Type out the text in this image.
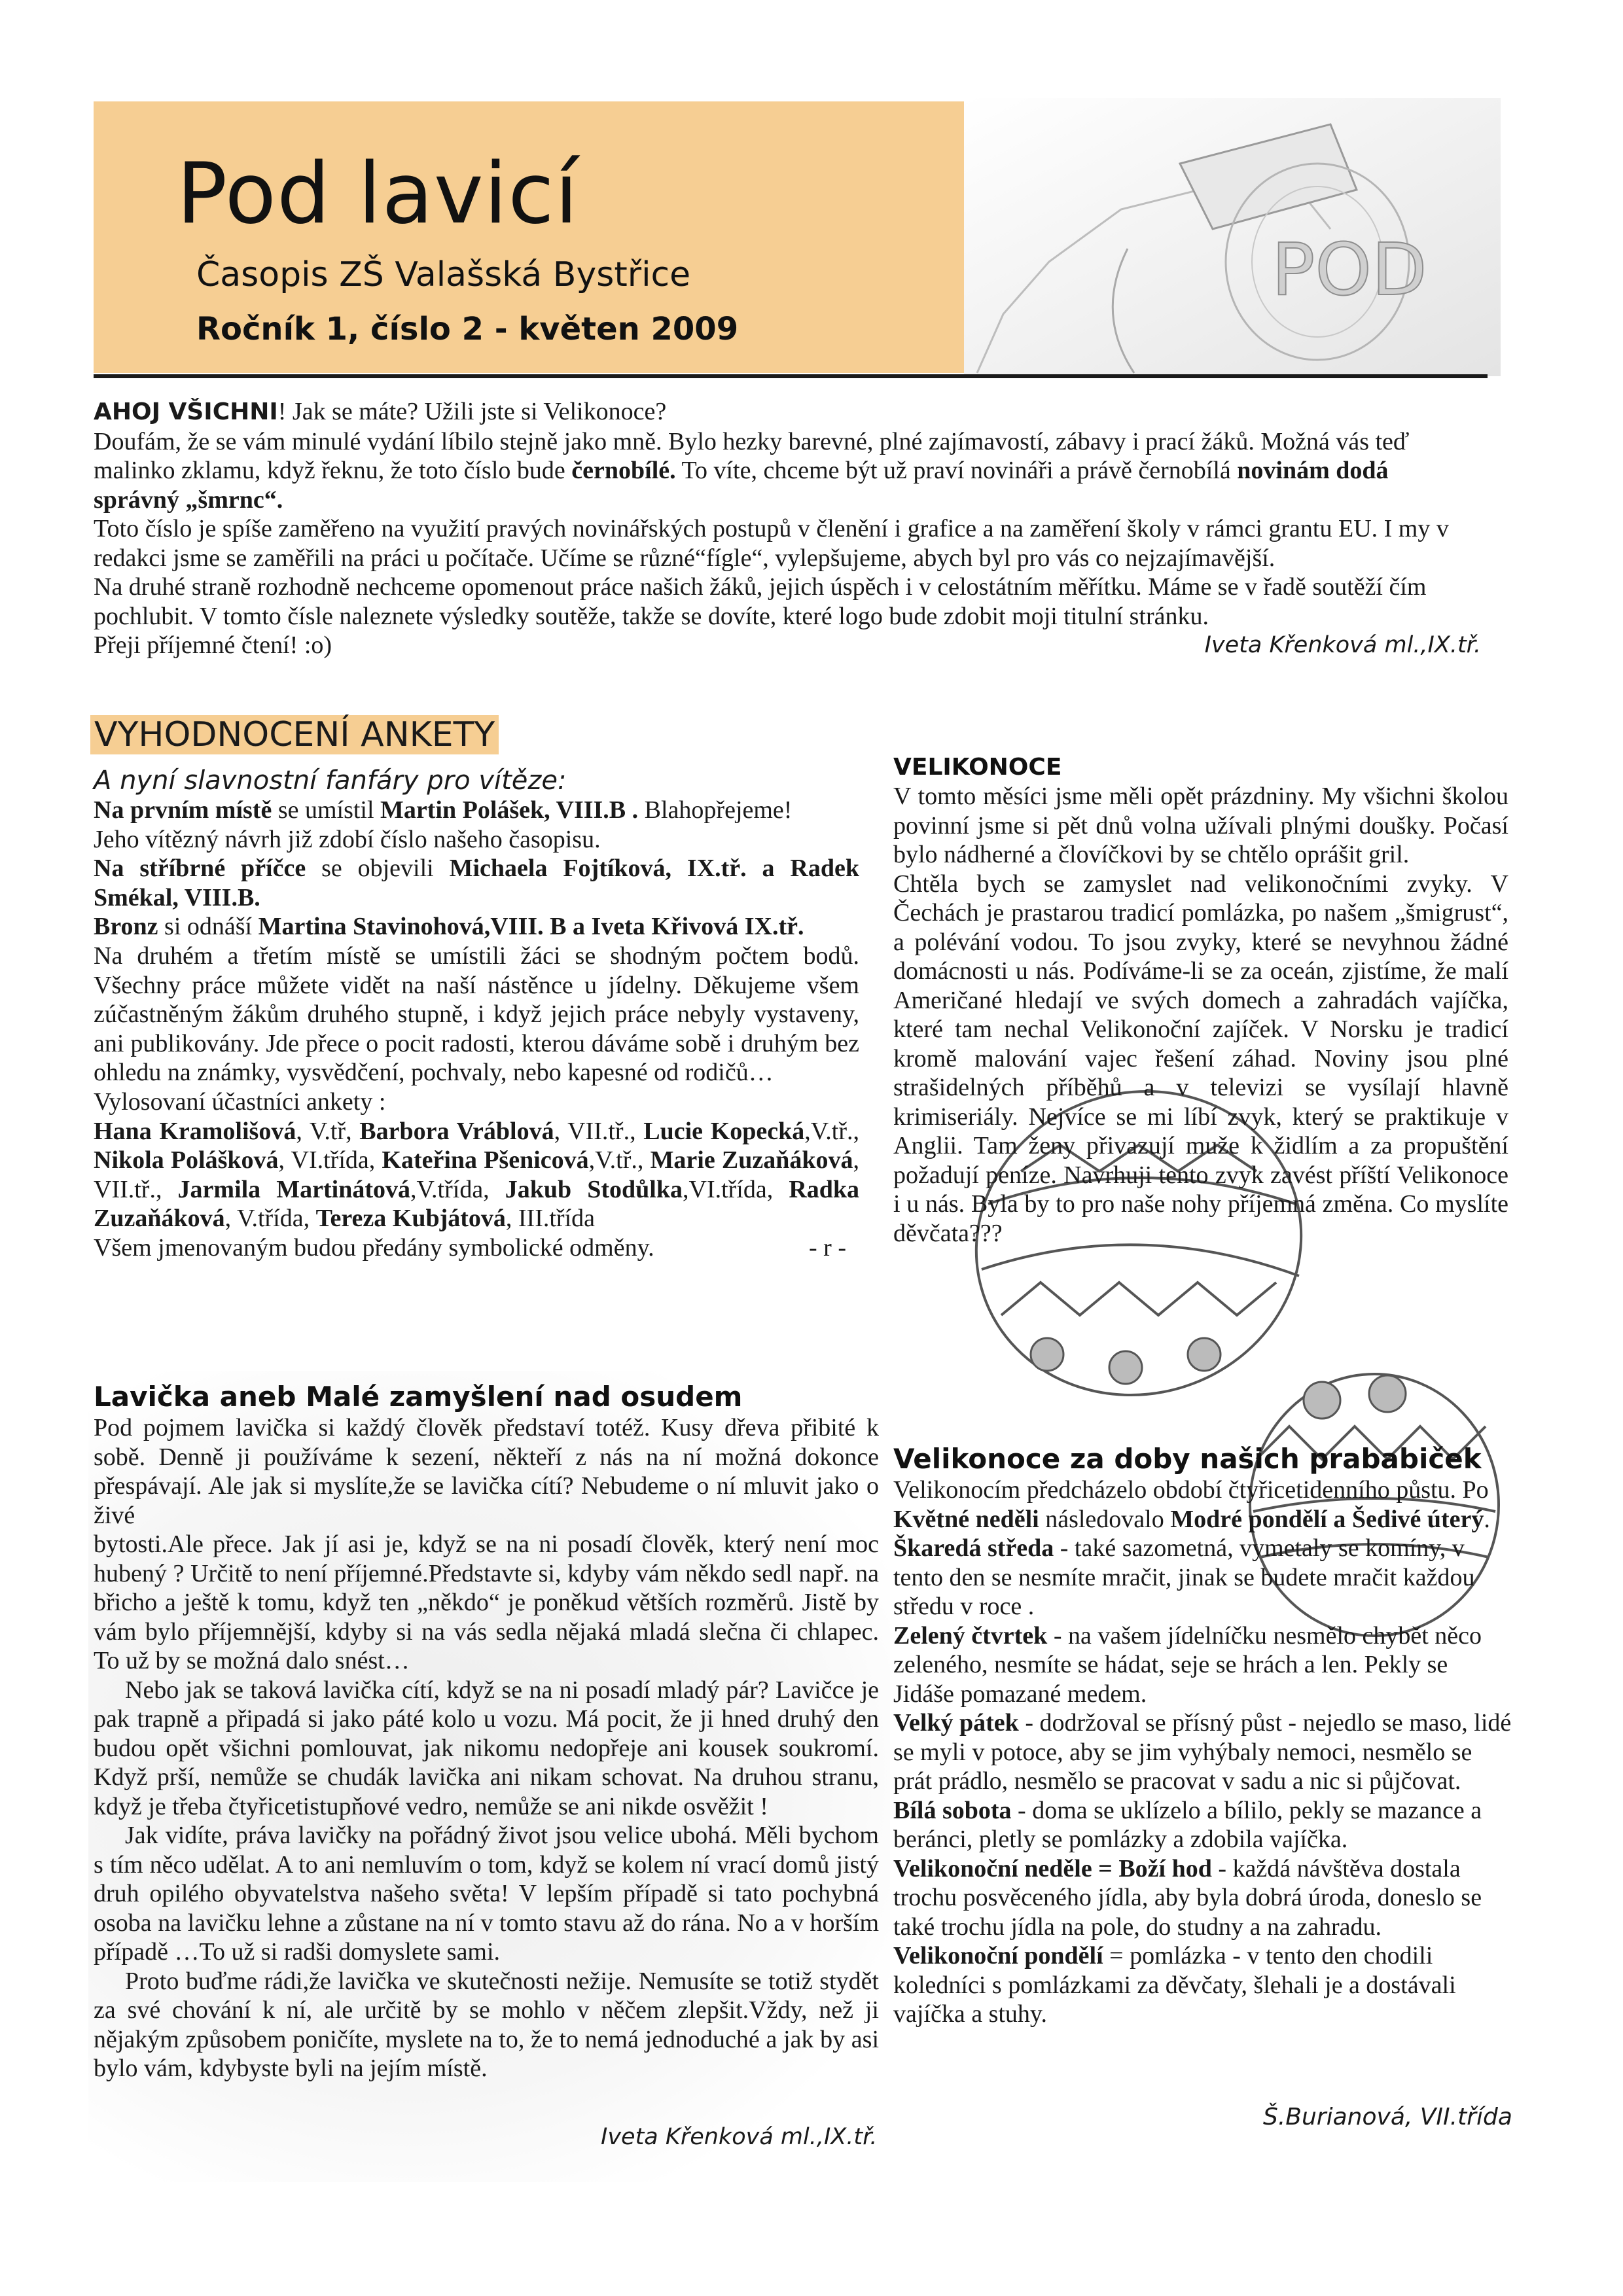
POD
Pod lavicí
Časopis ZŠ Valašská Bystřice
Ročník 1, číslo 2 - květen 2009

AHOJ VŠICHNI! Jak se máte? Užili jste si Velikonoce?

Doufám, že se vám minulé vydání líbilo stejně jako mně. Bylo hezky barevné, plné zajímavostí, zábavy i prací žáků. Možná vás teď malinko zklamu, když řeknu, že toto číslo bude černobílé. To víte, chceme být už praví novináři a právě černobílá novinám dodá správný „šmrnc“.

Toto číslo je spíše zaměřeno na využití pravých novinářských postupů v členění i grafice a na zaměření školy v rámci grantu EU. I my v redakci jsme se zaměřili na práci u počítače. Učíme se různé“fígle“, vylepšujeme, abych byl pro vás co nejzajímavější.

Na druhé straně rozhodně nechceme opomenout práce našich žáků, jejich úspěch i v celostátním měřítku. Máme se v řadě soutěží čím pochlubit. V tomto čísle naleznete výsledky soutěže, takže se dovíte, které logo bude zdobit moji titulní stránku.

Přeji příjemné čtení! :o)	Iveta Křenková ml.,IX.tř.

VYHODNOCENÍ ANKETY
A nyní slavnostní fanfáry pro vítěze:

Na prvním místě se umístil Martin Polášek, VIII.B . Blahopřejeme!

Jeho vítězný návrh již zdobí číslo našeho časopisu.

Na stříbrné příčce se objevili Michaela Fojtíková, IX.tř. a Radek Smékal, VIII.B.

Bronz si odnáší Martina Stavinohová,VIII. B a Iveta Křivová IX.tř.

Na druhém a třetím místě se umístili žáci se shodným počtem bodů. Všechny práce můžete vidět na naší nástěnce u jídelny. Děkujeme všem zúčastněným žákům druhého stupně, i když jejich práce nebyly vystaveny, ani publikovány. Jde přece o pocit radosti, kterou dáváme sobě i druhým bez ohledu na známky, vysvědčení, pochvaly, nebo kapesné od rodičů…

Vylosovaní účastníci ankety :

Hana Kramolišová, V.tř, Barbora Vráblová, VII.tř., Lucie Kopecká,V.tř., Nikola Polášková, VI.třída, Kateřina Pšenicová,V.tř., Marie Zuzaňáková, VII.tř., Jarmila Martinátová,V.třída, Jakub Stodůlka,VI.třída, Radka Zuzaňáková, V.třída, Tereza Kubjátová, III.třída

Všem jmenovaným budou předány symbolické odměny.	- r -

Lavička aneb Malé zamyšlení nad osudem

Pod pojmem lavička si každý člověk představí totéž. Kusy dřeva přibité k sobě. Denně ji používáme k sezení, někteří z nás na ní možná dokonce přespávají. Ale jak si myslíte,že se lavička cítí? Nebudeme o ní mluvit jako o živé

bytosti.Ale přece. Jak jí asi je, když se na ni posadí člověk, který není moc hubený ? Určitě to není příjemné.Představte si, kdyby vám někdo sedl např. na břicho a ještě k tomu, když ten „někdo“ je poněkud větších rozměrů. Jistě by vám bylo příjemnější, kdyby si na vás sedla nějaká mladá slečna či chlapec. To už by se možná dalo snést…

Nebo jak se taková lavička cítí, když se na ni posadí mladý pár? Lavičce je pak trapně a připadá si jako páté kolo u vozu. Má pocit, že ji hned druhý den budou opět všichni pomlouvat, jak nikomu nedopřeje ani kousek soukromí. Když prší, nemůže se chudák lavička ani nikam schovat. Na druhou stranu, když je třeba čtyřicetistupňové vedro, nemůže se ani nikde osvěžit !

Jak vidíte, práva lavičky na pořádný život jsou velice ubohá. Měli bychom s tím něco udělat. A to ani nemluvím o tom, když se kolem ní vrací domů jistý druh opilého obyvatelstva našeho světa! V lepším případě si tato pochybná osoba na lavičku lehne a zůstane na ní v tomto stavu až do rána. No a v horším případě …To už si radši domyslete sami.

Proto buďme rádi,že lavička ve skutečnosti nežije. Nemusíte se totiž stydět za své chování k ní, ale určitě by se mohlo v něčem zlepšit.Vždy, než ji nějakým způsobem poničíte, myslete na to, že to nemá jednoduché a jak by asi bylo vám, kdybyste byli na jejím místě.

Iveta Křenková ml.,IX.tř.
VELIKONOCE

V tomto měsíci jsme měli opět prázdniny. My všichni školou povinní jsme si pět dnů volna užívali plnými doušky. Počasí bylo nádherné a človíčkovi by se chtělo oprášit gril.

Chtěla bych se zamyslet nad velikonočními zvyky. V Čechách je prastarou tradicí pomlázka, po našem „šmigrust“, a polévání vodou. To jsou zvyky, které se nevyhnou žádné domácnosti u nás. Podíváme-li se za oceán, zjistíme, že malí Američané hledají ve svých domech a zahradách vajíčka, které tam nechal Velikonoční zajíček. V Norsku je tradicí kromě malování vajec řešení záhad. Noviny jsou plné strašidelných příběhů a v televizi se vysílají hlavně krimiseriály. Nejvíce se mi líbí zvyk, který se praktikuje v Anglii. Tam ženy přivazují muže k židlím a za propuštění požadují peníze. Navrhuji tento zvyk zavést příští Velikonoce i u nás. Byla by to pro naše nohy příjemná změna. Co myslíte děvčata???

Velikonoce za doby našich prababiček

Velikonocím předcházelo období čtyřicetidenního půstu. Po Květné neděli následovalo Modré pondělí a Šedivé úterý.

Škaredá středa - také sazometná, vymetaly se komíny, v tento den se nesmíte mračit, jinak se budete mračit každou středu v roce .

Zelený čtvrtek - na vašem jídelníčku nesmělo chybět něco zeleného, nesmíte se hádat, seje se hrách a len. Pekly se Jidáše pomazané medem.

Velký pátek - dodržoval se přísný půst - nejedlo se maso, lidé se myli v potoce, aby se jim vyhýbaly nemoci, nesmělo se prát prádlo, nesmělo se pracovat v sadu a nic si půjčovat.

Bílá sobota - doma se uklízelo a bílilo, pekly se mazance a beránci, pletly se pomlázky a zdobila vajíčka.

Velikonoční neděle = Boží hod - každá návštěva dostala trochu posvěceného jídla, aby byla dobrá úroda, doneslo se také trochu jídla na pole, do studny a na zahradu.

Velikonoční pondělí = pomlázka - v tento den chodili koledníci s pomlázkami za děvčaty, šlehali je a dostávali vajíčka a stuhy.

Š.Burianová, VII.třída
